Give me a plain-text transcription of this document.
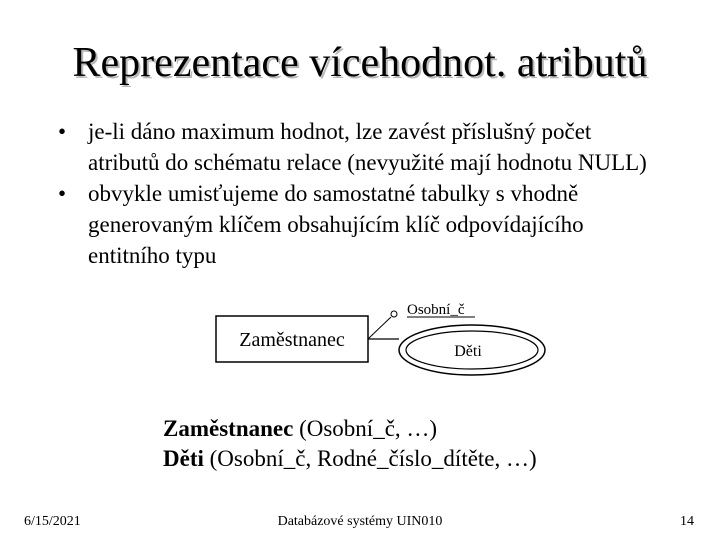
Reprezentace vícehodnot. atributů
• je-li dáno maximum hodnot, lze zavést příslušný počet atributů do schématu relace (nevyužité mají hodnotu NULL)
• obvykle umisťujeme do samostatné tabulky s vhodně generovaným klíčem obsahujícím klíč odpovídajícího entitního typu
Zaměstnanec
Osobní_č
Děti
Zaměstnanec (Osobní_č, …)
Děti (Osobní_č, Rodné_číslo_dítěte, …)
6/15/2021	Databázové systémy UIN010	14
